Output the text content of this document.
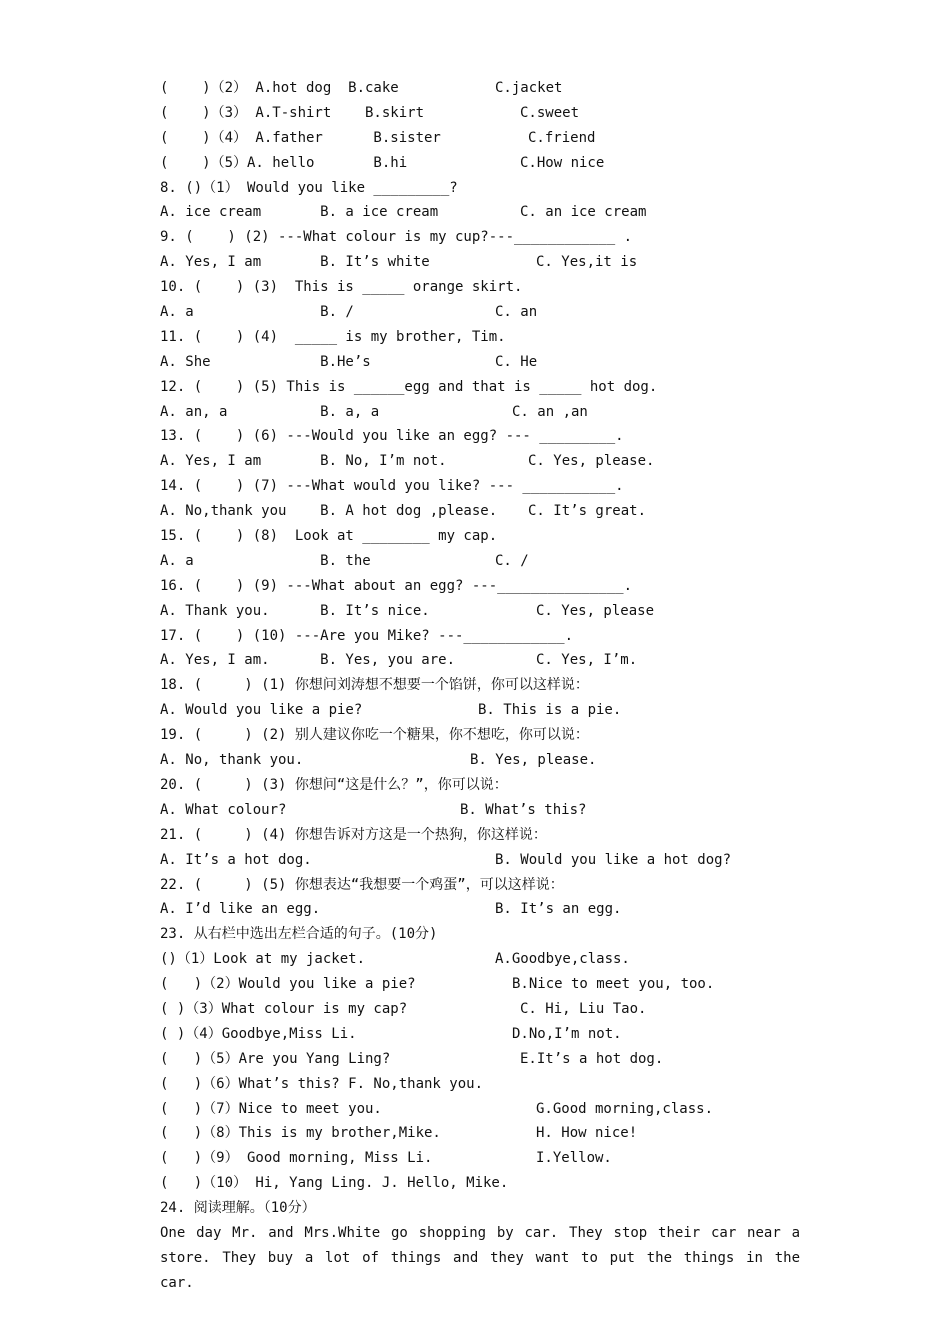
(    )（2） A.hot dog  B.cake	C.jacket
(    )（3） A.T-shirt    B.skirt	C.sweet
(    )（4） A.father      B.sister	C.friend
(    )（5）A. hello       B.hi	C.How nice
8. ()（1） Would you like _________?
A. ice cream       B. a ice cream	C. an ice cream
9. (    ) (2) ---What colour is my cup?---____________ .
A. Yes, I am       B. It’s white	C. Yes,it is
10. (    ) (3)  This is _____ orange skirt.
A. a               B. /	C. an
11. (    ) (4)  _____ is my brother, Tim.
A. She             B.He’s	C. He
12. (    ) (5) This is ______egg and that is _____ hot dog.
A. an, a           B. a, a	C. an ,an
13. (    ) (6) ---Would you like an egg? --- _________.
A. Yes, I am       B. No, I’m not.	C. Yes, please.
14. (    ) (7) ---What would you like? --- ___________.
A. No,thank you    B. A hot dog ,please. C. It’s great.
15. (    ) (8)  Look at ________ my cap.
A. a               B. the	C. /
16. (    ) (9) ---What about an egg? ---_______________.
A. Thank you.      B. It’s nice.	C. Yes, please
17. (    ) (10) ---Are you Mike? ---____________.
A. Yes, I am.      B. Yes, you are.	C. Yes, I’m.
18. (     ) (1) 你想问刘涛想不想要一个馅饼，你可以这样说：
A. Would you like a pie?	B. This is a pie.
19. (     ) (2) 别人建议你吃一个糖果，你不想吃，你可以说：
A. No, thank you.	B. Yes, please.
20. (     ) (3) 你想问“这是什么？”，你可以说：
A. What colour?	B. What’s this?
21. (     ) (4) 你想告诉对方这是一个热狗，你这样说：
A. It’s a hot dog.	B. Would you like a hot dog?
22. (     ) (5) 你想表达“我想要一个鸡蛋”，可以这样说：
A. I’d like an egg.	B. It’s an egg.
23. 从右栏中选出左栏合适的句子。(10分)
()（1）Look at my jacket.	A.Goodbye,class.
(   )（2）Would you like a pie?	B.Nice to meet you, too.
( )（3）What colour is my cap?	C. Hi, Liu Tao.
( )（4）Goodbye,Miss Li.	D.No,I’m not.
(   )（5）Are you Yang Ling?	E.It’s a hot dog.
(   )（6）What’s this? F. No,thank you.
(   )（7）Nice to meet you.	G.Good morning,class.
(   )（8）This is my brother,Mike.	H. How nice!
(   )（9） Good morning, Miss Li.	I.Yellow.
(   )（10） Hi, Yang Ling. J. Hello, Mike.
24. 阅读理解。（10分）
One day Mr. and Mrs.White go shopping by car. They stop their car near a store. They buy a lot of things and they want to put the things in the car.
